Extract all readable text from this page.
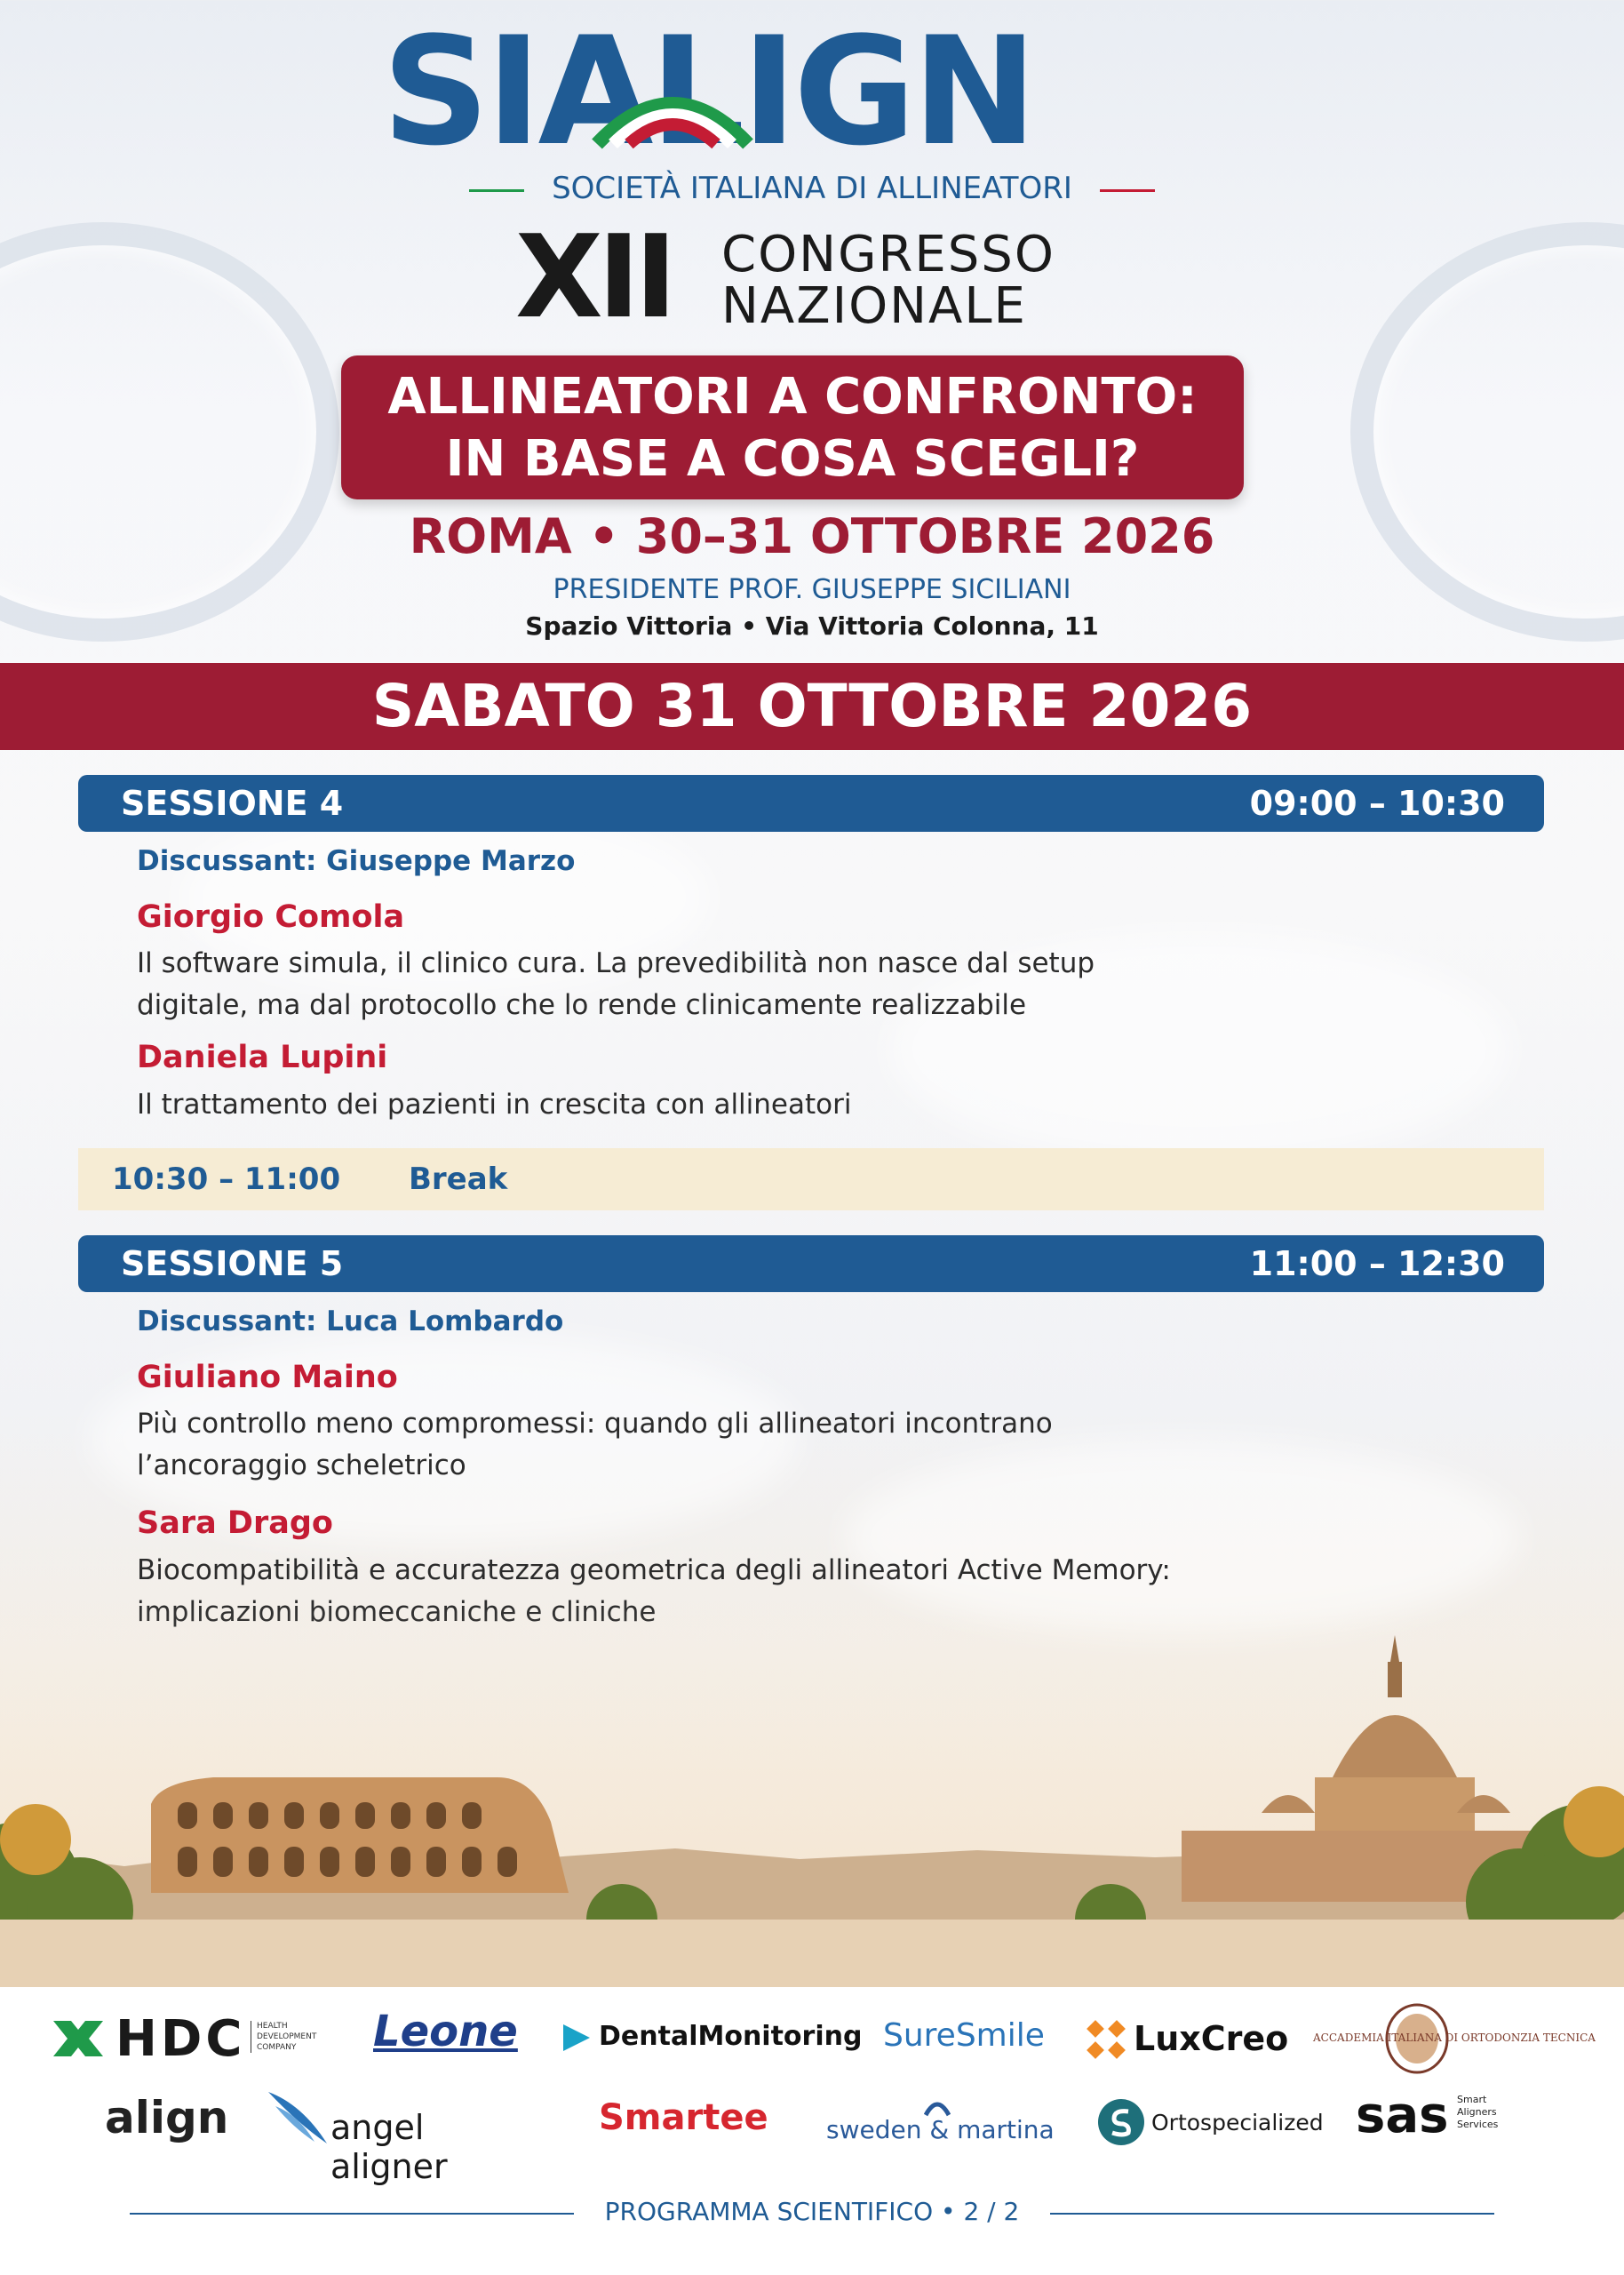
SIALIGN
SOCIETÀ ITALIANA DI ALLINEATORI
XII CONGRESSO
NAZIONALE
ALLINEATORI A CONFRONTO:
IN BASE A COSA SCEGLI?
ROMA • 30–31 OTTOBRE 2026
PRESIDENTE PROF. GIUSEPPE SICILIANI
Spazio Vittoria • Via Vittoria Colonna, 11
SABATO 31 OTTOBRE 2026
SESSIONE 4	09:00 – 10:30
Discussant: Giuseppe Marzo
Giorgio Comola
Il software simula, il clinico cura. La prevedibilità non nasce dal setup
digitale, ma dal protocollo che lo rende clinicamente realizzabile
Daniela Lupini
Il trattamento dei pazienti in crescita con allineatori
10:30 – 11:00 Break
SESSIONE 5	11:00 – 12:30
Discussant: Luca Lombardo
Giuliano Maino
Più controllo meno compromessi: quando gli allineatori incontrano
l’ancoraggio scheletrico
Sara Drago
Biocompatibilità e accuratezza geometrica degli allineatori Active Memory:
HDC HEALTH
DEVELOPMENT
COMPANY	Leone	DentalMonitoring SureSmile	LuxCreo ACCADEMIA ITALIANA DI ORTODONZIA TECNICA
align	angel aligner
Smartee	sweden & martina	Ortospecialized sas Smart
Aligners
Services
PROGRAMMA SCIENTIFICO • 2 / 2
